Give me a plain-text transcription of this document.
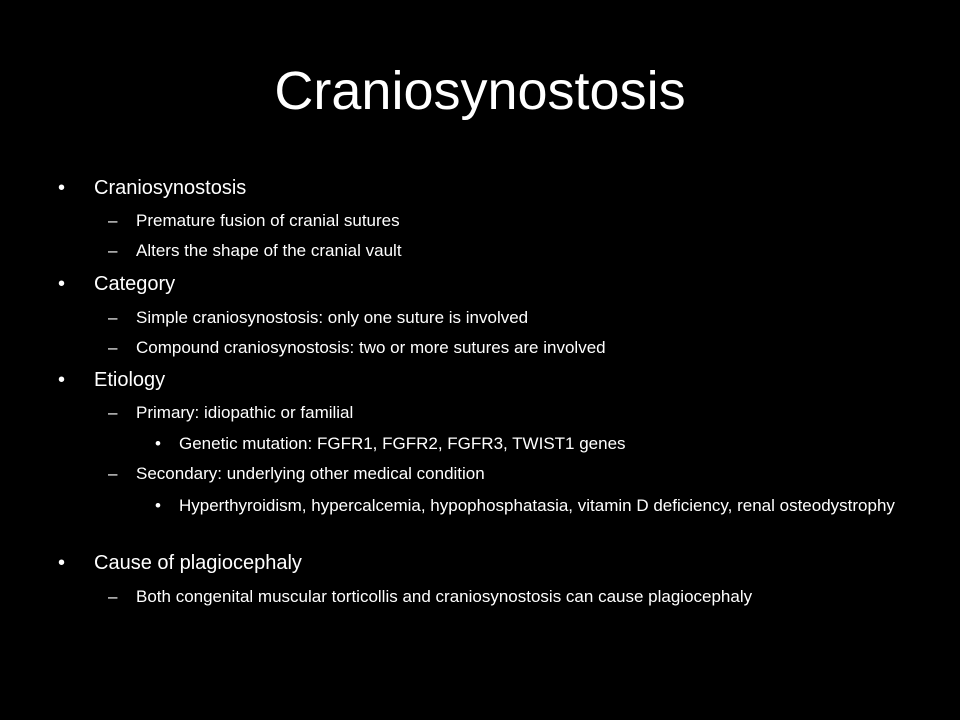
Craniosynostosis
•	Craniosynostosis
–	Premature fusion of cranial sutures
–	Alters the shape of the cranial vault
•	Category
–	Simple craniosynostosis: only one suture is involved
–	Compound craniosynostosis: two or more sutures are involved
•	Etiology
–	Primary: idiopathic or familial
•	Genetic mutation: FGFR1, FGFR2, FGFR3, TWIST1 genes
–	Secondary: underlying other medical condition
•	Hyperthyroidism, hypercalcemia, hypophosphatasia, vitamin D deficiency, renal osteodystrophy
•	Cause of plagiocephaly
–	Both congenital muscular torticollis and craniosynostosis can cause plagiocephaly
